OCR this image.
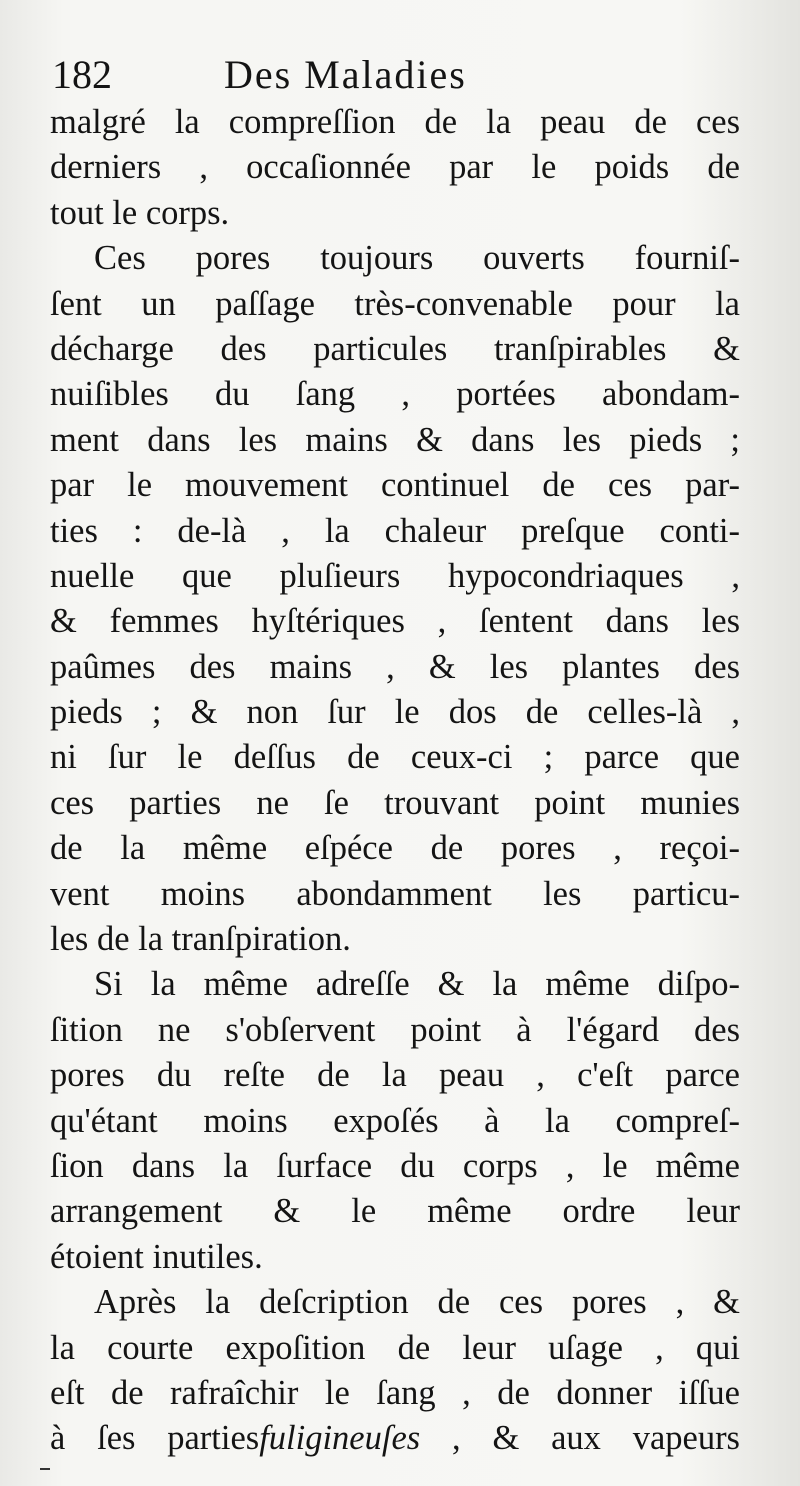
182	Des Maladies
malgré la compreſſion de la peau de ces
derniers , occaſionnée par le poids de
tout le corps.
Ces pores toujours ouverts fourniſ-
ſent un paſſage très-convenable pour la
décharge des particules tranſpirables &
nuiſibles du ſang , portées abondam-
ment dans les mains & dans les pieds ;
par le mouvement continuel de ces par-
ties : de-là , la chaleur preſque conti-
nuelle que pluſieurs hypocondriaques ,
& femmes hyſtériques , ſentent dans les
paûmes des mains , & les plantes des
pieds ; & non ſur le dos de celles-là ,
ni ſur le deſſus de ceux-ci ; parce que
ces parties ne ſe trouvant point munies
de la même eſpéce de pores , reçoi-
vent moins abondamment les particu-
les de la tranſpiration.
Si la même adreſſe & la même diſpo-
ſition ne s'obſervent point à l'égard des
pores du reſte de la peau , c'eſt parce
qu'étant moins expoſés à la compreſ-
ſion dans la ſurface du corps , le même
arrangement & le même ordre leur
étoient inutiles.
Après la deſcription de ces pores , &
la courte expoſition de leur uſage , qui
eſt de rafraîchir le ſang , de donner iſſue
à ſes partiesfuligineuſes , & aux vapeurs
